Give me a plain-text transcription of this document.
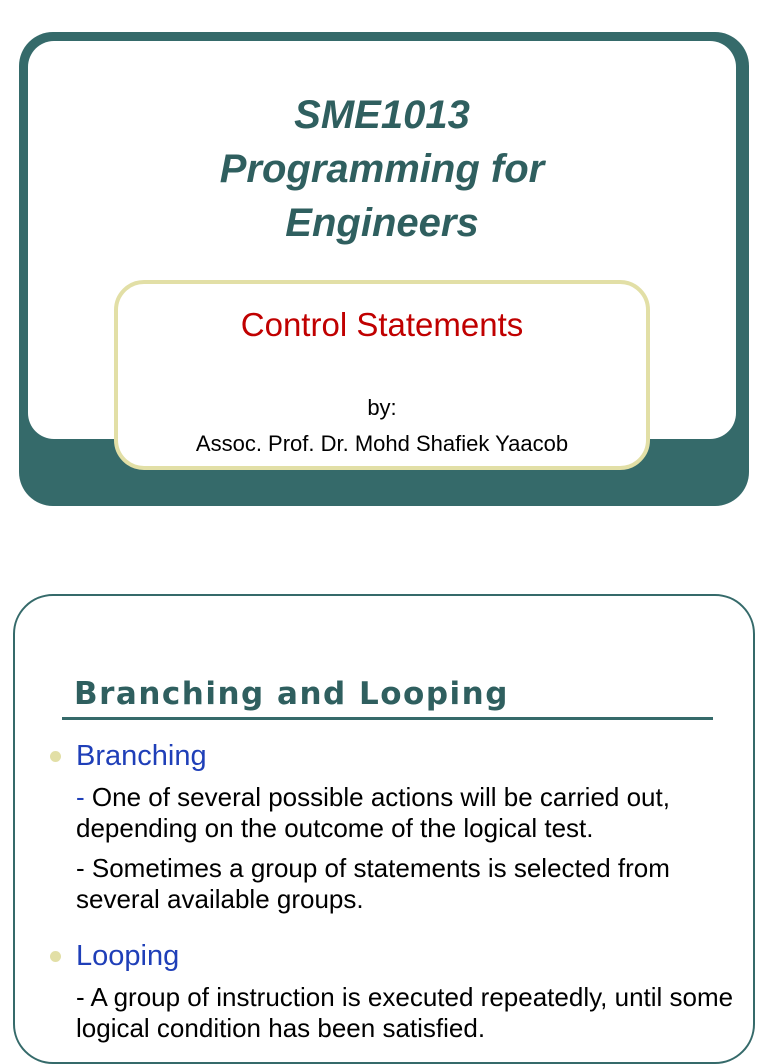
SME1013
Programming for
Engineers
Control Statements
by:
Assoc. Prof. Dr. Mohd Shafiek Yaacob
Branching and Looping
Branching
- One of several possible actions will be carried out, depending on the outcome of the logical test.
- Sometimes a group of statements is selected from several available groups.
Looping
- A group of instruction is executed repeatedly, until some logical condition has been satisfied.
